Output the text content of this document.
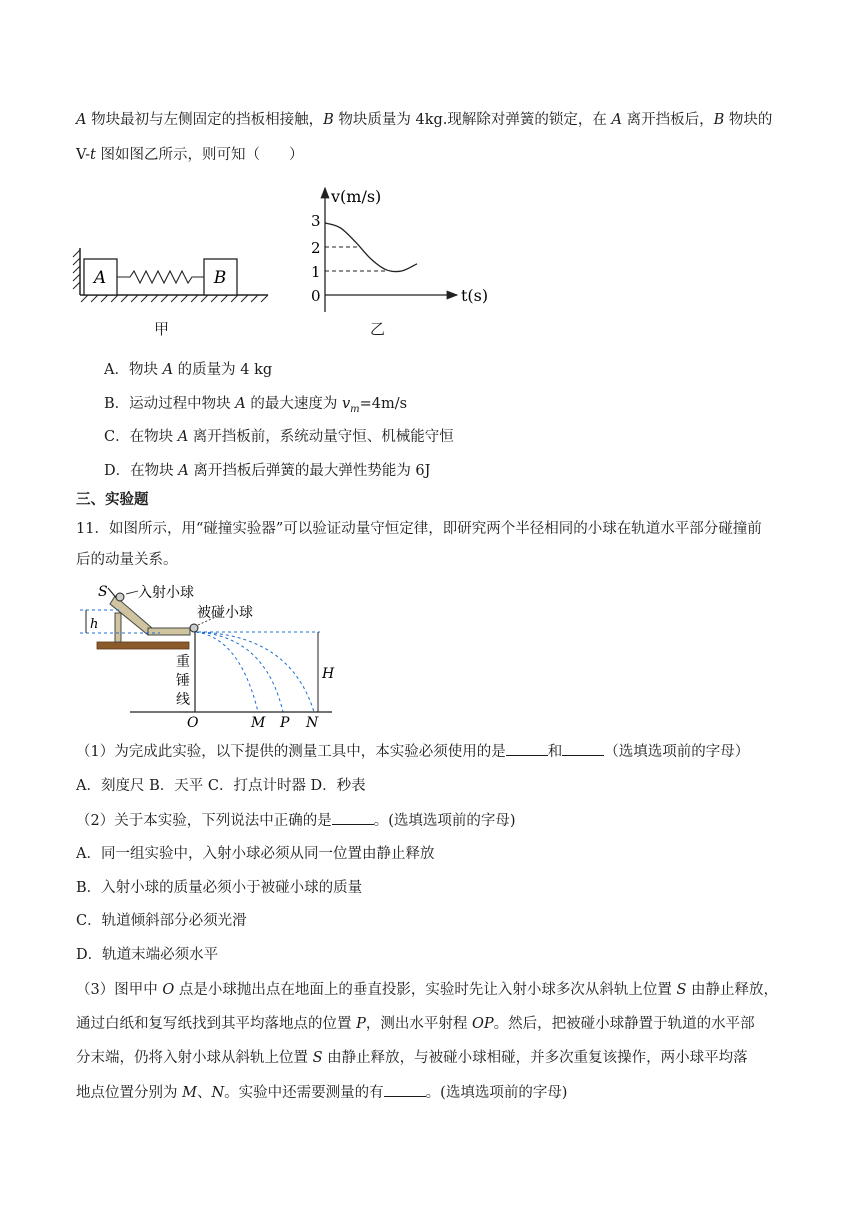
A 物块最初与左侧固定的挡板相接触，B 物块质量为 4kg.现解除对弹簧的锁定，在 A 离开挡板后，B 物块的
V-t 图如图乙所示，则可知（　　）
A	B
甲
v(m/s)
t(s)
3
2
1
0
乙
A．物块 A 的质量为 4 kg
B．运动过程中物块 A 的最大速度为 $v_m=4m/s$
C．在物块 A 离开挡板前，系统动量守恒、机械能守恒
D．在物块 A 离开挡板后弹簧的最大弹性势能为 6J
三、实验题
11．如图所示，用“碰撞实验器”可以验证动量守恒定律，即研究两个半径相同的小球在轨道水平部分碰撞前
后的动量关系。
S 入射小球
被碰小球
h
重
锤
线
H
O	M P N
（1）为完成此实验，以下提供的测量工具中，本实验必须使用的是	和	（选填选项前的字母）
A．刻度尺 B．天平 C．打点计时器 D．秒表
（2）关于本实验，下列说法中正确的是	。(选填选项前的字母)
A．同一组实验中，入射小球必须从同一位置由静止释放
B．入射小球的质量必须小于被碰小球的质量
C．轨道倾斜部分必须光滑
D．轨道末端必须水平
（3）图甲中 O 点是小球抛出点在地面上的垂直投影，实验时先让入射小球多次从斜轨上位置 S 由静止释放，
通过白纸和复写纸找到其平均落地点的位置 P，测出水平射程 OP。然后，把被碰小球静置于轨道的水平部
分末端，仍将入射小球从斜轨上位置 S 由静止释放，与被碰小球相碰，并多次重复该操作，两小球平均落
地点位置分别为 M、N。实验中还需要测量的有	。(选填选项前的字母)
